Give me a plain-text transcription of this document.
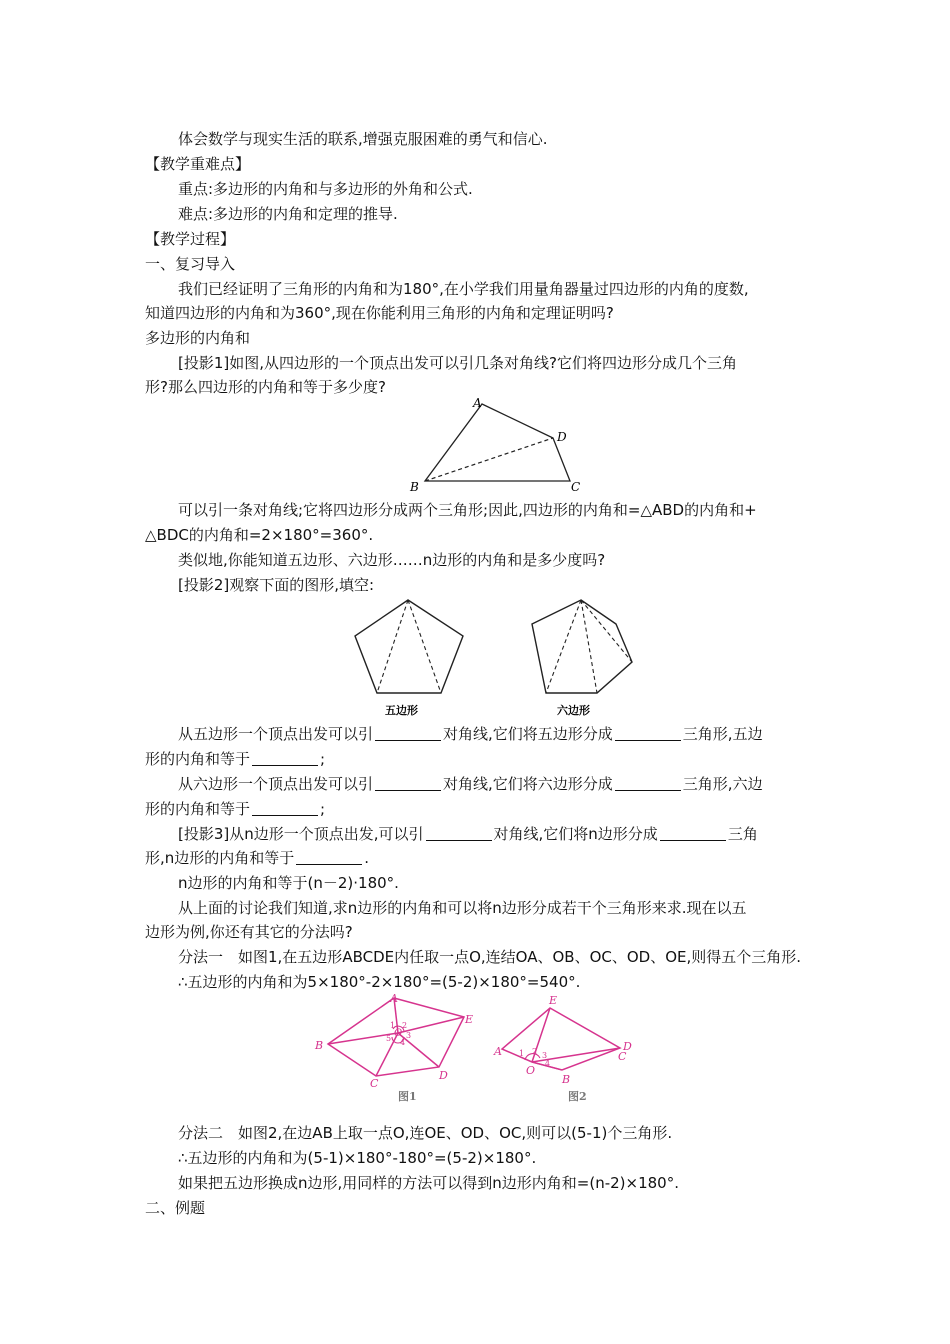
体会数学与现实生活的联系,增强克服困难的勇气和信心.
【教学重难点】
重点:多边形的内角和与多边形的外角和公式.
难点:多边形的内角和定理的推导.
【教学过程】
一、复习导入
我们已经证明了三角形的内角和为180°,在小学我们用量角器量过四边形的内角的度数,
知道四边形的内角和为360°,现在你能利用三角形的内角和定理证明吗?
多边形的内角和
[投影1]如图,从四边形的一个顶点出发可以引几条对角线?它们将四边形分成几个三角
形?那么四边形的内角和等于多少度?
A
D
B	C
可以引一条对角线;它将四边形分成两个三角形;因此,四边形的内角和=△ABD的内角和+
△BDC的内角和=2×180°=360°.
类似地,你能知道五边形、六边形……n边形的内角和是多少度吗?
[投影2]观察下面的图形,填空:
五边形	六边形
从五边形一个顶点出发可以引	对角线,它们将五边形分成	三角形,五边
形的内角和等于	;
从六边形一个顶点出发可以引	对角线,它们将六边形分成	三角形,六边
形的内角和等于	;
[投影3]从n边形一个顶点出发,可以引	对角线,它们将n边形分成	三角
形,n边形的内角和等于	.
n边形的内角和等于(n－2)·180°.
从上面的讨论我们知道,求n边形的内角和可以将n边形分成若干个三角形来求.现在以五
边形为例,你还有其它的分法吗?
分法一　如图1,在五边形ABCDE内任取一点O,连结OA、OB、OC、OD、OE,则得五个三角形.
∴五边形的内角和为5×180°-2×180°=(5-2)×180°=540°.
A
E
B
C
D
O
E
D
C
B
A
O
1 2
3
4
5
1 2 3
4
图1	图2
分法二　如图2,在边AB上取一点O,连OE、OD、OC,则可以(5-1)个三角形.
∴五边形的内角和为(5-1)×180°-180°=(5-2)×180°.
如果把五边形换成n边形,用同样的方法可以得到n边形内角和=(n-2)×180°.
二、例题
